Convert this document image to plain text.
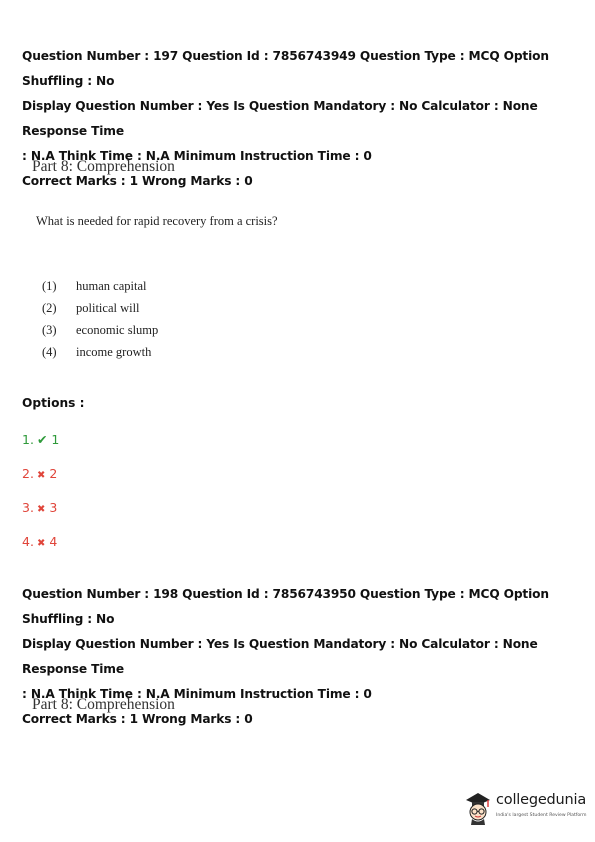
Question Number : 197 Question Id : 7856743949 Question Type : MCQ Option Shuffling : No

Display Question Number : Yes Is Question Mandatory : No Calculator : None Response Time

: N.A Think Time : N.A Minimum Instruction Time : 0

Correct Marks : 1 Wrong Marks : 0

Part 8: Comprehension
What is needed for rapid recovery from a crisis?
(1)	human capital
(2)	political will
(3)	economic slump
(4)	income growth
Options :
1. ✔ 1
2. ✖ 2
3. ✖ 3
4. ✖ 4

Question Number : 198 Question Id : 7856743950 Question Type : MCQ Option Shuffling : No

Display Question Number : Yes Is Question Mandatory : No Calculator : None Response Time

: N.A Think Time : N.A Minimum Instruction Time : 0

Correct Marks : 1 Wrong Marks : 0

Part 8: Comprehension
collegedunia
India's largest Student Review Platform
